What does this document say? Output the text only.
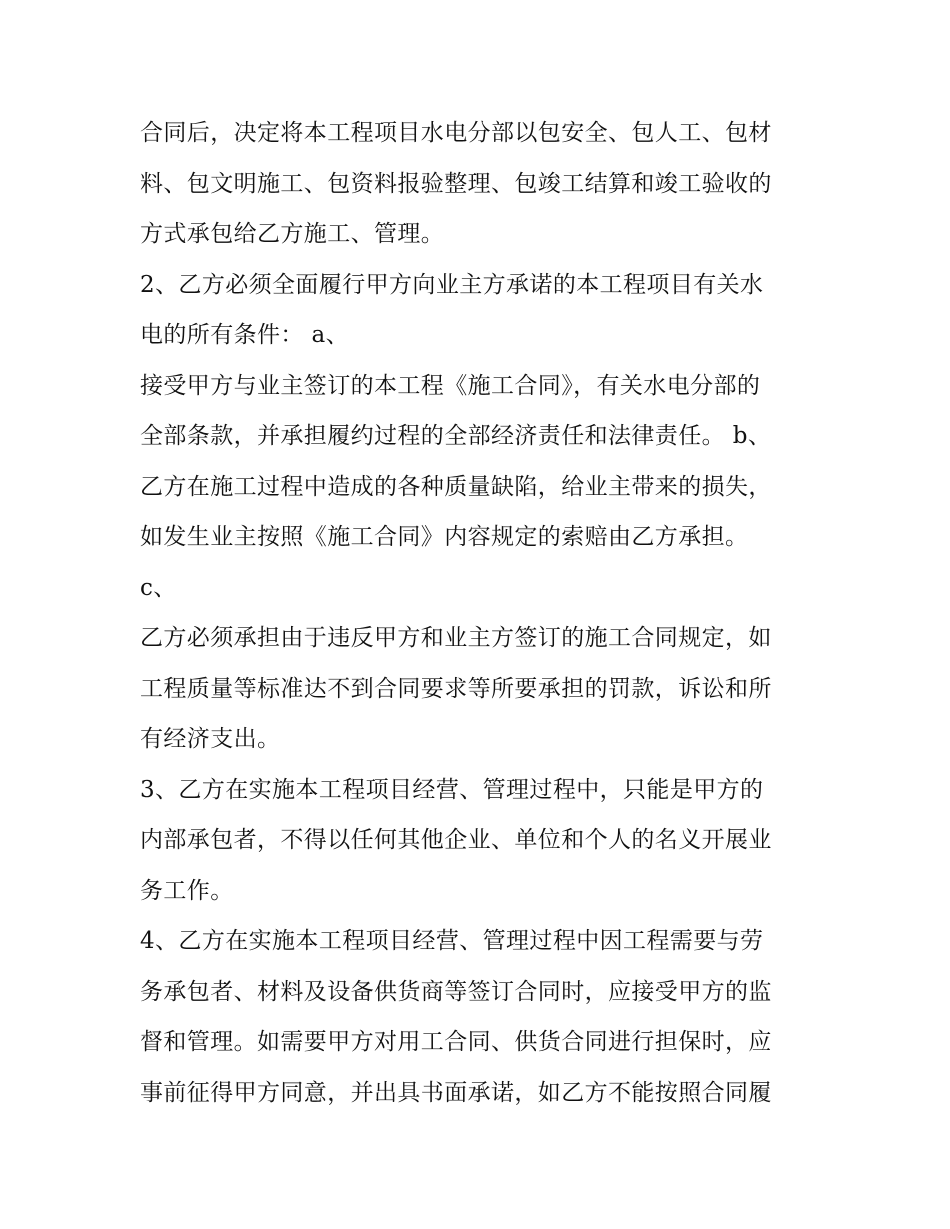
合同后，决定将本工程项目水电分部以包安全、包人工、包材
料、包文明施工、包资料报验整理、包竣工结算和竣工验收的
方式承包给乙方施工、管理。
2、乙方必须全面履行甲方向业主方承诺的本工程项目有关水
电的所有条件： a、
接受甲方与业主签订的本工程《施工合同》，有关水电分部的
全部条款，并承担履约过程的全部经济责任和法律责任。 b、
乙方在施工过程中造成的各种质量缺陷，给业主带来的损失，
如发生业主按照《施工合同》内容规定的索赔由乙方承担。
c、
乙方必须承担由于违反甲方和业主方签订的施工合同规定，如
工程质量等标准达不到合同要求等所要承担的罚款，诉讼和所
有经济支出。
3、乙方在实施本工程项目经营、管理过程中，只能是甲方的
内部承包者，不得以任何其他企业、单位和个人的名义开展业
务工作。
4、乙方在实施本工程项目经营、管理过程中因工程需要与劳
务承包者、材料及设备供货商等签订合同时，应接受甲方的监
督和管理。如需要甲方对用工合同、供货合同进行担保时，应
事前征得甲方同意，并出具书面承诺，如乙方不能按照合同履
